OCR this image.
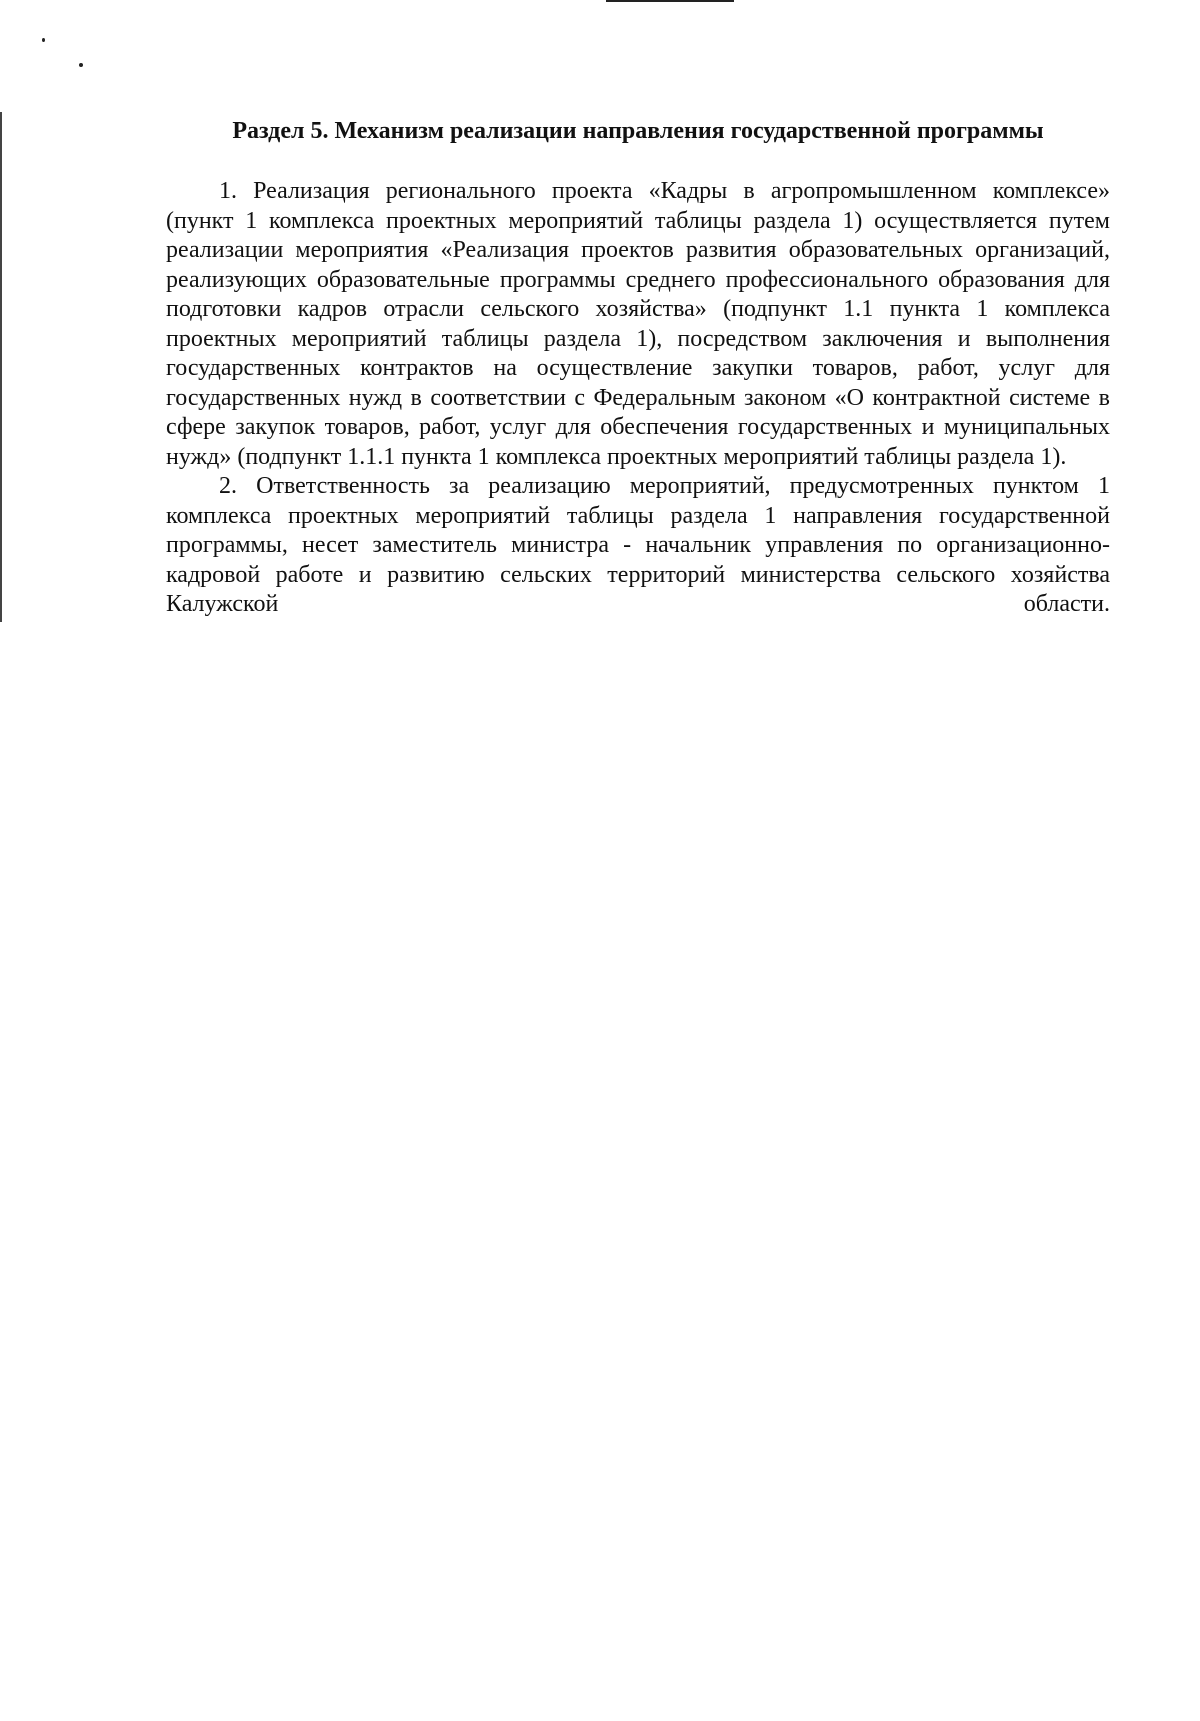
Раздел 5. Механизм реализации направления государственной программы

1. Реализация регионального проекта «Кадры в агропромышленном комплексе» (пункт 1 комплекса проектных мероприятий таблицы раздела 1) осуществляется путем реализации мероприятия «Реализация проектов развития образовательных организаций, реализующих образовательные программы среднего профессионального образования для подготовки кадров отрасли сельского хозяйства» (подпункт 1.1 пункта 1 комплекса проектных мероприятий таблицы раздела 1), посредством заключения и выполнения государственных контрактов на осуществление закупки товаров, работ, услуг для государственных нужд в соответствии с Федеральным законом «О контрактной системе в сфере закупок товаров, работ, услуг для обеспечения государственных и муниципальных нужд» (подпункт 1.1.1 пункта 1 комплекса проектных мероприятий таблицы раздела 1).

2. Ответственность за реализацию мероприятий, предусмотренных пунктом 1 комплекса проектных мероприятий таблицы раздела 1 направления государственной программы, несет заместитель министра - начальник управления по организационно-кадровой работе и развитию сельских территорий министерства сельского хозяйства Калужской области.
